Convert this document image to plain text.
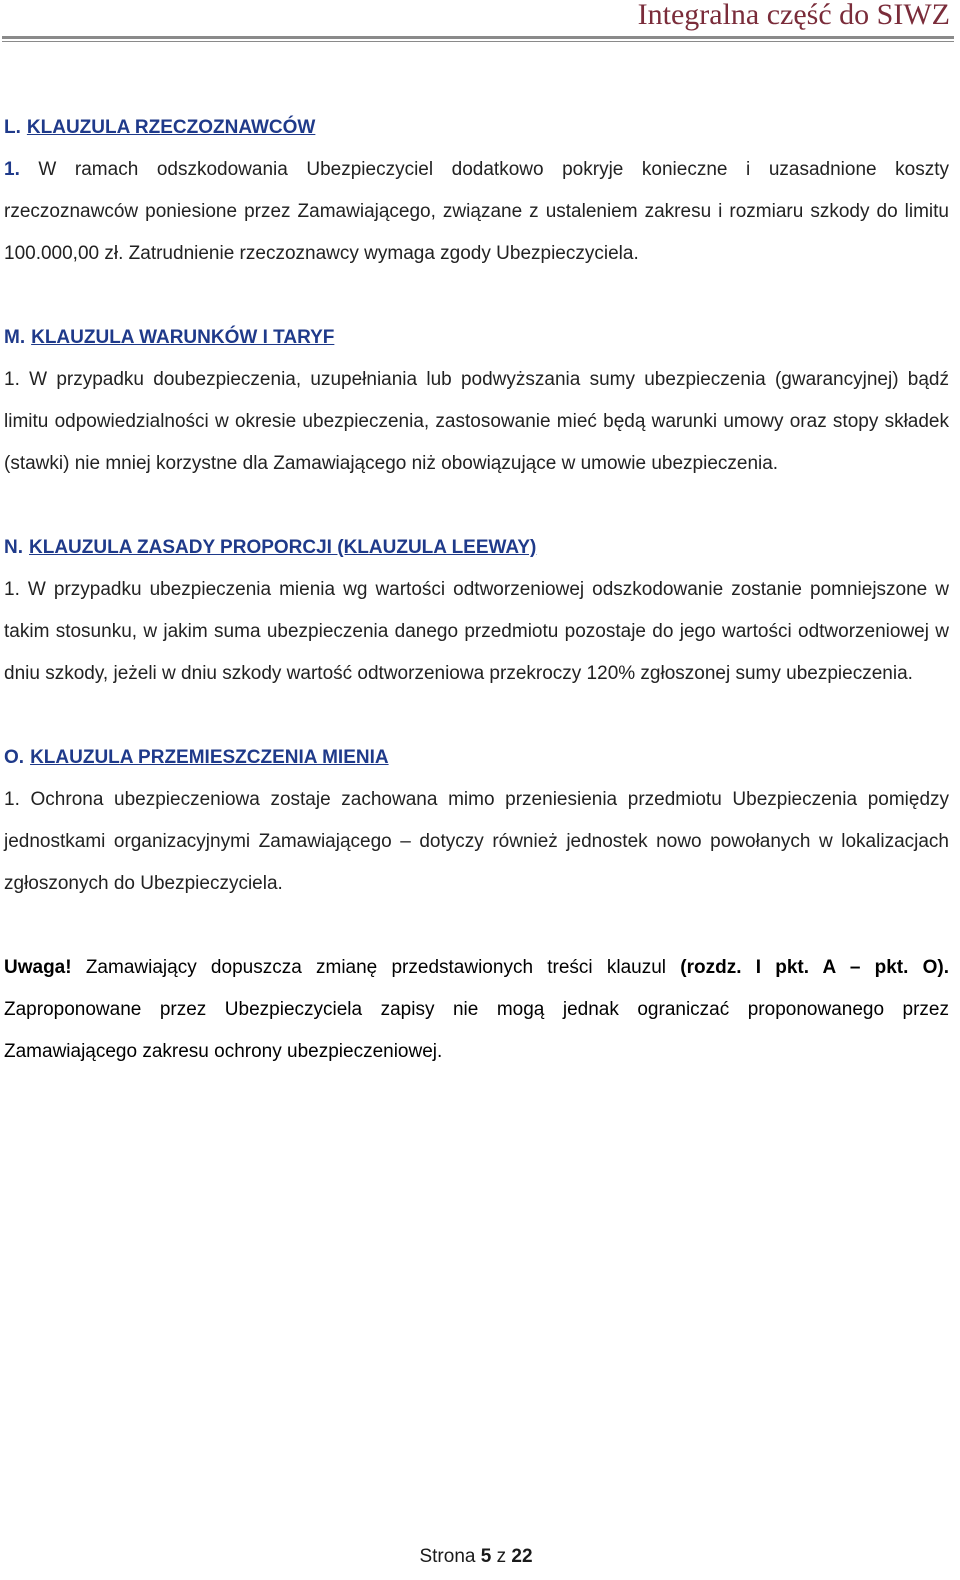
Integralna część do SIWZ
L. KLAUZULA RZECZOZNAWCÓW
1. W ramach odszkodowania Ubezpieczyciel dodatkowo pokryje konieczne i uzasadnione koszty rzeczoznawców poniesione przez Zamawiającego, związane z ustaleniem zakresu i rozmiaru szkody do limitu 100.000,00 zł. Zatrudnienie rzeczoznawcy wymaga zgody Ubezpieczyciela.
M. KLAUZULA WARUNKÓW I TARYF
1. W przypadku doubezpieczenia, uzupełniania lub podwyższania sumy ubezpieczenia (gwarancyjnej) bądź limitu odpowiedzialności w okresie ubezpieczenia, zastosowanie mieć będą warunki umowy oraz stopy składek (stawki) nie mniej korzystne dla Zamawiającego niż obowiązujące w umowie ubezpieczenia.
N. KLAUZULA ZASADY PROPORCJI (KLAUZULA LEEWAY)
1. W przypadku ubezpieczenia mienia wg wartości odtworzeniowej odszkodowanie zostanie pomniejszone w takim stosunku, w jakim suma ubezpieczenia danego przedmiotu pozostaje do jego wartości odtworzeniowej w dniu szkody, jeżeli w dniu szkody wartość odtworzeniowa przekroczy 120% zgłoszonej sumy ubezpieczenia.
O. KLAUZULA PRZEMIESZCZENIA MIENIA
1. Ochrona ubezpieczeniowa zostaje zachowana mimo przeniesienia przedmiotu Ubezpieczenia pomiędzy jednostkami organizacyjnymi Zamawiającego – dotyczy również jednostek nowo powołanych w lokalizacjach zgłoszonych do Ubezpieczyciela.
Uwaga! Zamawiający dopuszcza zmianę przedstawionych treści klauzul (rozdz. I pkt. A – pkt. O). Zaproponowane przez Ubezpieczyciela zapisy nie mogą jednak ograniczać proponowanego przez Zamawiającego zakresu ochrony ubezpieczeniowej.
Strona 5 z 22
